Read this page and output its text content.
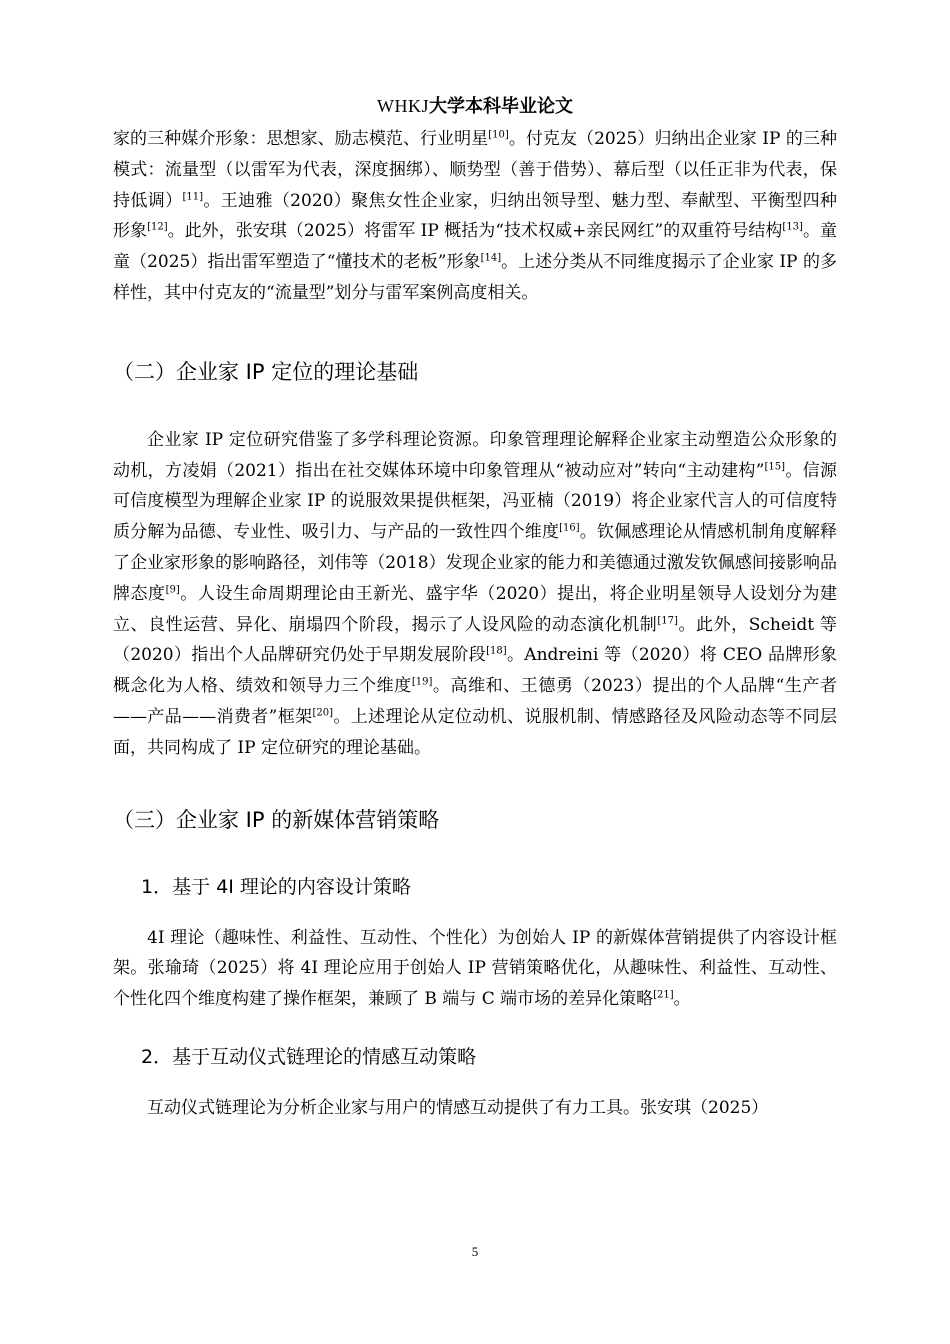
WHKJ大学本科毕业论文

家的三种媒介形象：思想家、励志模范、行业明星[10]。付克友（2025）归纳出企业家 IP 的三种模式：流量型（以雷军为代表，深度捆绑）、顺势型（善于借势）、幕后型（以任正非为代表，保持低调）[11]。王迪雅（2020）聚焦女性企业家，归纳出领导型、魅力型、奉献型、平衡型四种形象[12]。此外，张安琪（2025）将雷军 IP 概括为“技术权威+亲民网红”的双重符号结构[13]。童童（2025）指出雷军塑造了“懂技术的老板”形象[14]。上述分类从不同维度揭示了企业家 IP 的多样性，其中付克友的“流量型”划分与雷军案例高度相关。

（二）企业家 IP 定位的理论基础

企业家 IP 定位研究借鉴了多学科理论资源。印象管理理论解释企业家主动塑造公众形象的动机，方凌娟（2021）指出在社交媒体环境中印象管理从“被动应对”转向“主动建构”[15]。信源可信度模型为理解企业家 IP 的说服效果提供框架，冯亚楠（2019）将企业家代言人的可信度特质分解为品德、专业性、吸引力、与产品的一致性四个维度[16]。钦佩感理论从情感机制角度解释了企业家形象的影响路径，刘伟等（2018）发现企业家的能力和美德通过激发钦佩感间接影响品牌态度[9]。人设生命周期理论由王新光、盛宇华（2020）提出，将企业明星领导人设划分为建立、良性运营、异化、崩塌四个阶段，揭示了人设风险的动态演化机制[17]。此外，Scheidt 等（2020）指出个人品牌研究仍处于早期发展阶段[18]。Andreini 等（2020）将 CEO 品牌形象概念化为人格、绩效和领导力三个维度[19]。高维和、王德勇（2023）提出的个人品牌“生产者——产品——消费者”框架[20]。上述理论从定位动机、说服机制、情感路径及风险动态等不同层面，共同构成了 IP 定位研究的理论基础。

（三）企业家 IP 的新媒体营销策略
1．基于 4I 理论的内容设计策略

4I 理论（趣味性、利益性、互动性、个性化）为创始人 IP 的新媒体营销提供了内容设计框架。张瑜琦（2025）将 4I 理论应用于创始人 IP 营销策略优化，从趣味性、利益性、互动性、个性化四个维度构建了操作框架，兼顾了 B 端与 C 端市场的差异化策略[21]。

2．基于互动仪式链理论的情感互动策略

互动仪式链理论为分析企业家与用户的情感互动提供了有力工具。张安琪（2025）

5
